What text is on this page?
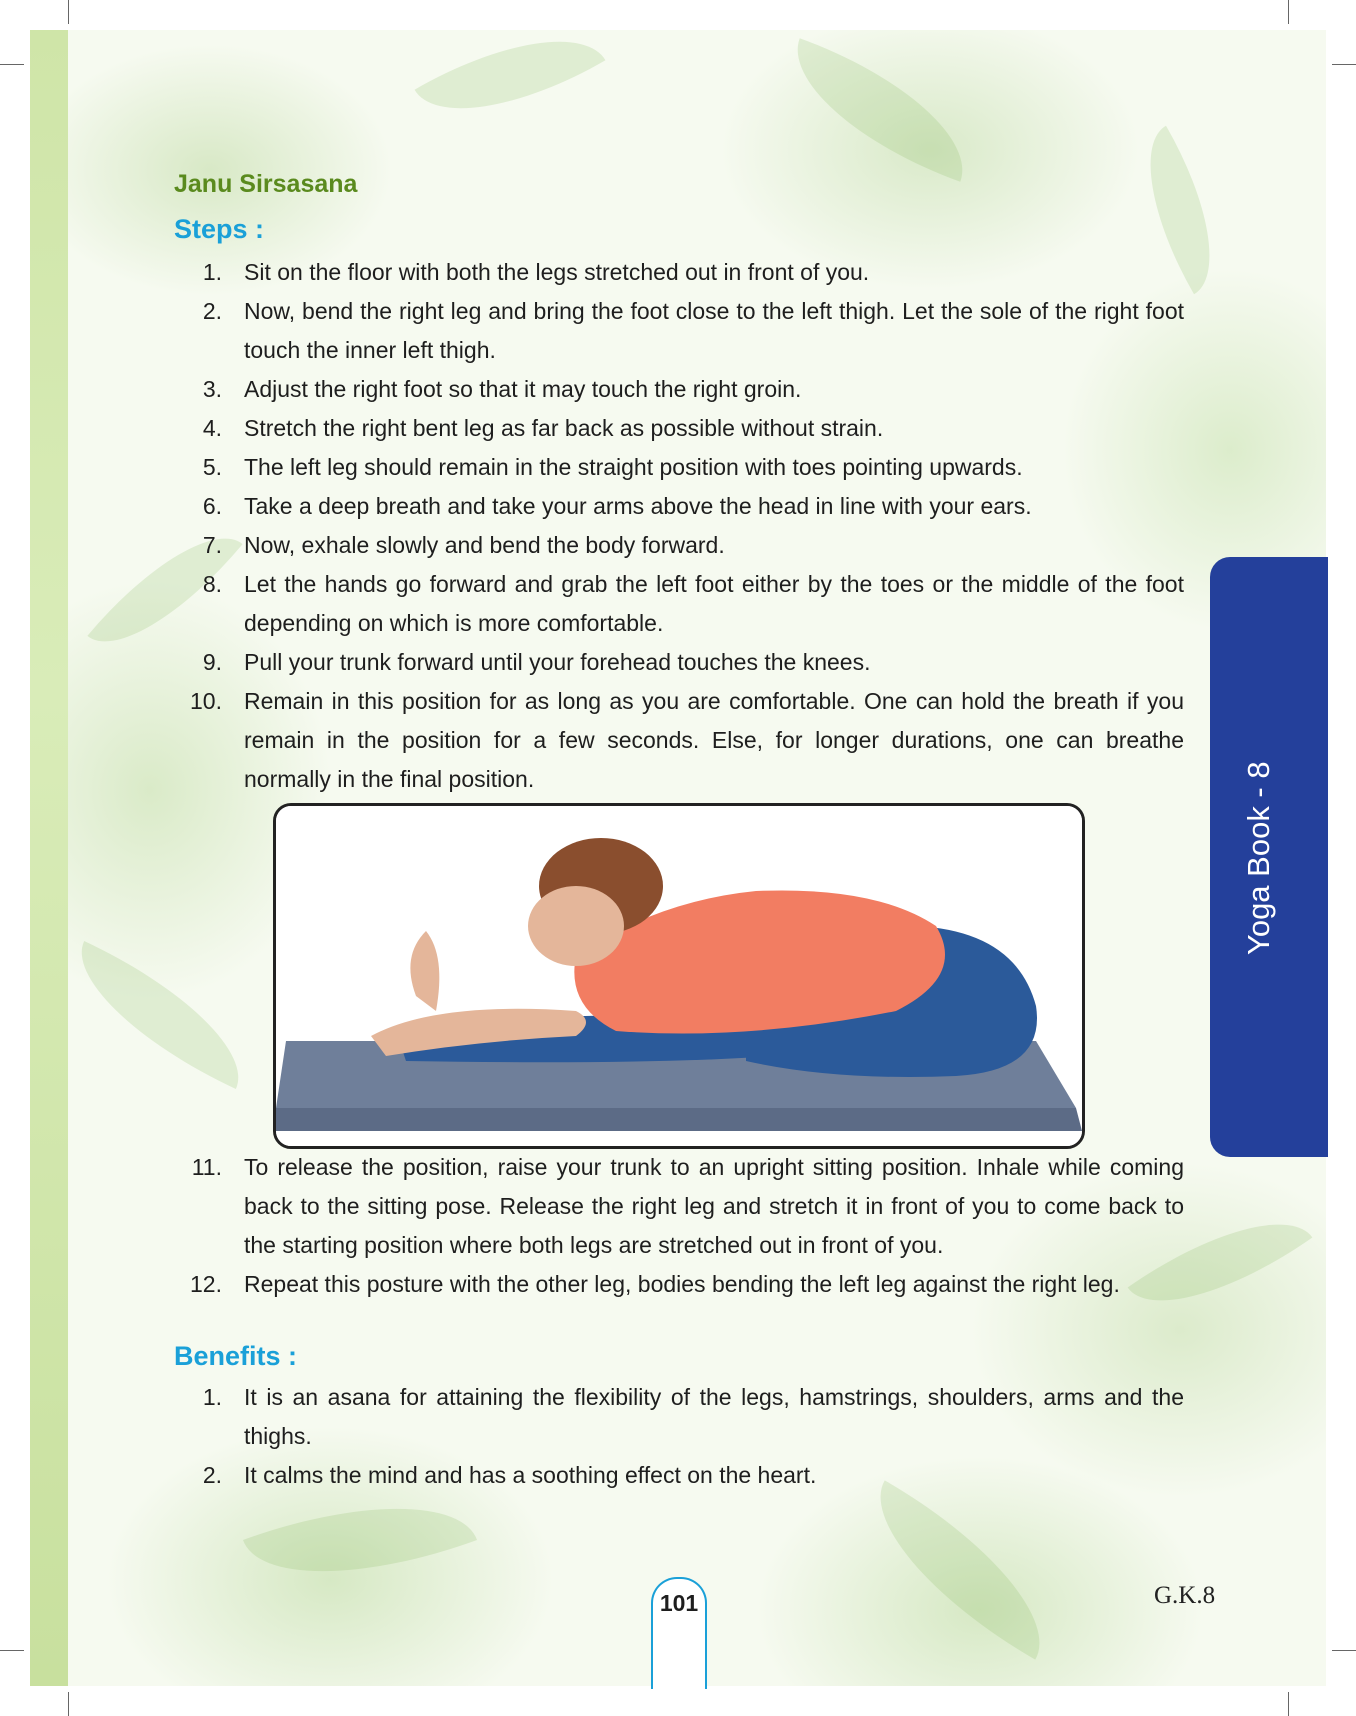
Janu Sirsasana
Steps :
1. Sit on the floor with both the legs stretched out in front of you.
2. Now, bend the right leg and bring the foot close to the left thigh. Let the sole of the right foot touch the inner left thigh.
3. Adjust the right foot so that it may touch the right groin.
4. Stretch the right bent leg as far back as possible without strain.
5. The left leg should remain in the straight position with toes pointing upwards.
6. Take a deep breath and take your arms above the head in line with your ears.
7. Now, exhale slowly and bend the body forward.
8. Let the hands go forward and grab the left foot either by the toes or the middle of the foot depending on which is more comfortable.
9. Pull your trunk forward until your forehead touches the knees.
10. Remain in this position for as long as you are comfortable. One can hold the breath if you remain in the position for a few seconds. Else, for longer durations, one can breathe normally in the final position.
11. To release the position, raise your trunk to an upright sitting position. Inhale while coming back to the sitting pose. Release the right leg and stretch it in front of you to come back to the starting position where both legs are stretched out in front of you.
12. Repeat this posture with the other leg, bodies bending the left leg against the right leg.
Benefits :
1. It is an asana for attaining the flexibility of the legs, hamstrings, shoulders, arms and the thighs.
2. It calms the mind and has a soothing effect on the heart.
Yoga Book - 8
101	G.K.8
